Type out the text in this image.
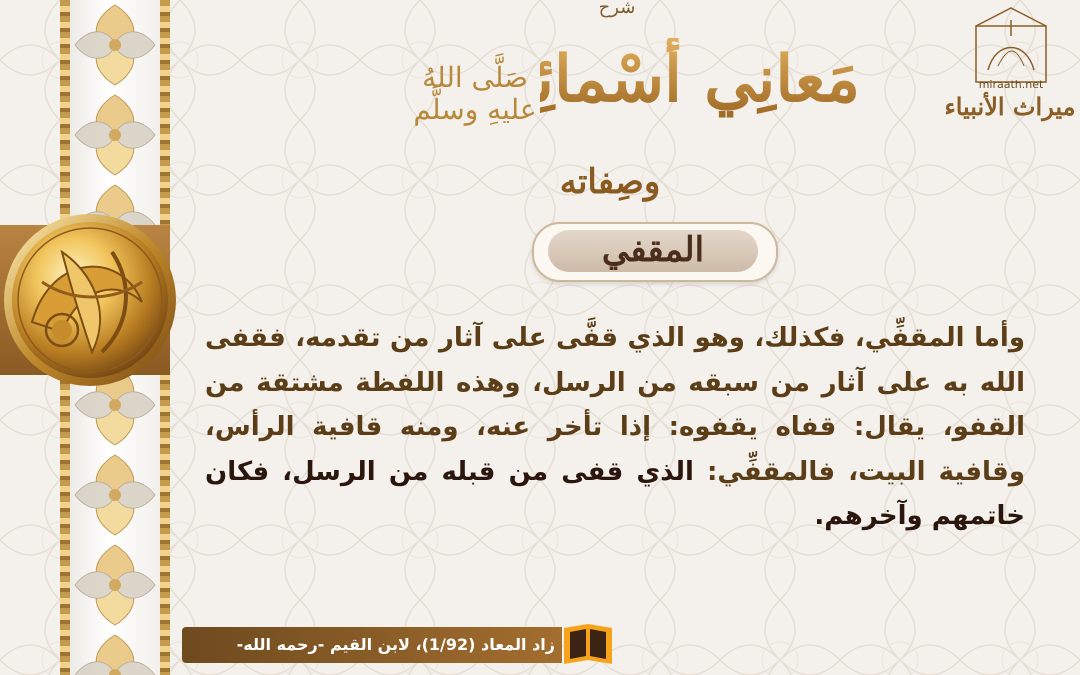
شرح
مَعانِي أَسْمائِهِ
صَلَّى اللهُ عليهِ وسلَّم
وصِفاته
المقفي
وأما المقفِّي، فكذلك، وهو الذي قفَّى على آثار من تقدمه، فقفى الله به على آثار من سبقه من الرسل، وهذه اللفظة مشتقة من القفو، يقال: قفاه يقفوه: إذا تأخر عنه، ومنه قافية الرأس، وقافية البيت، فالمقفِّي: الذي قفى من قبله من الرسل، فكان خاتمهم وآخرهم.
miraath.net
ميراث الأنبياء
زاد المعاد (1/92)، لابن القيم -رحمه الله-
